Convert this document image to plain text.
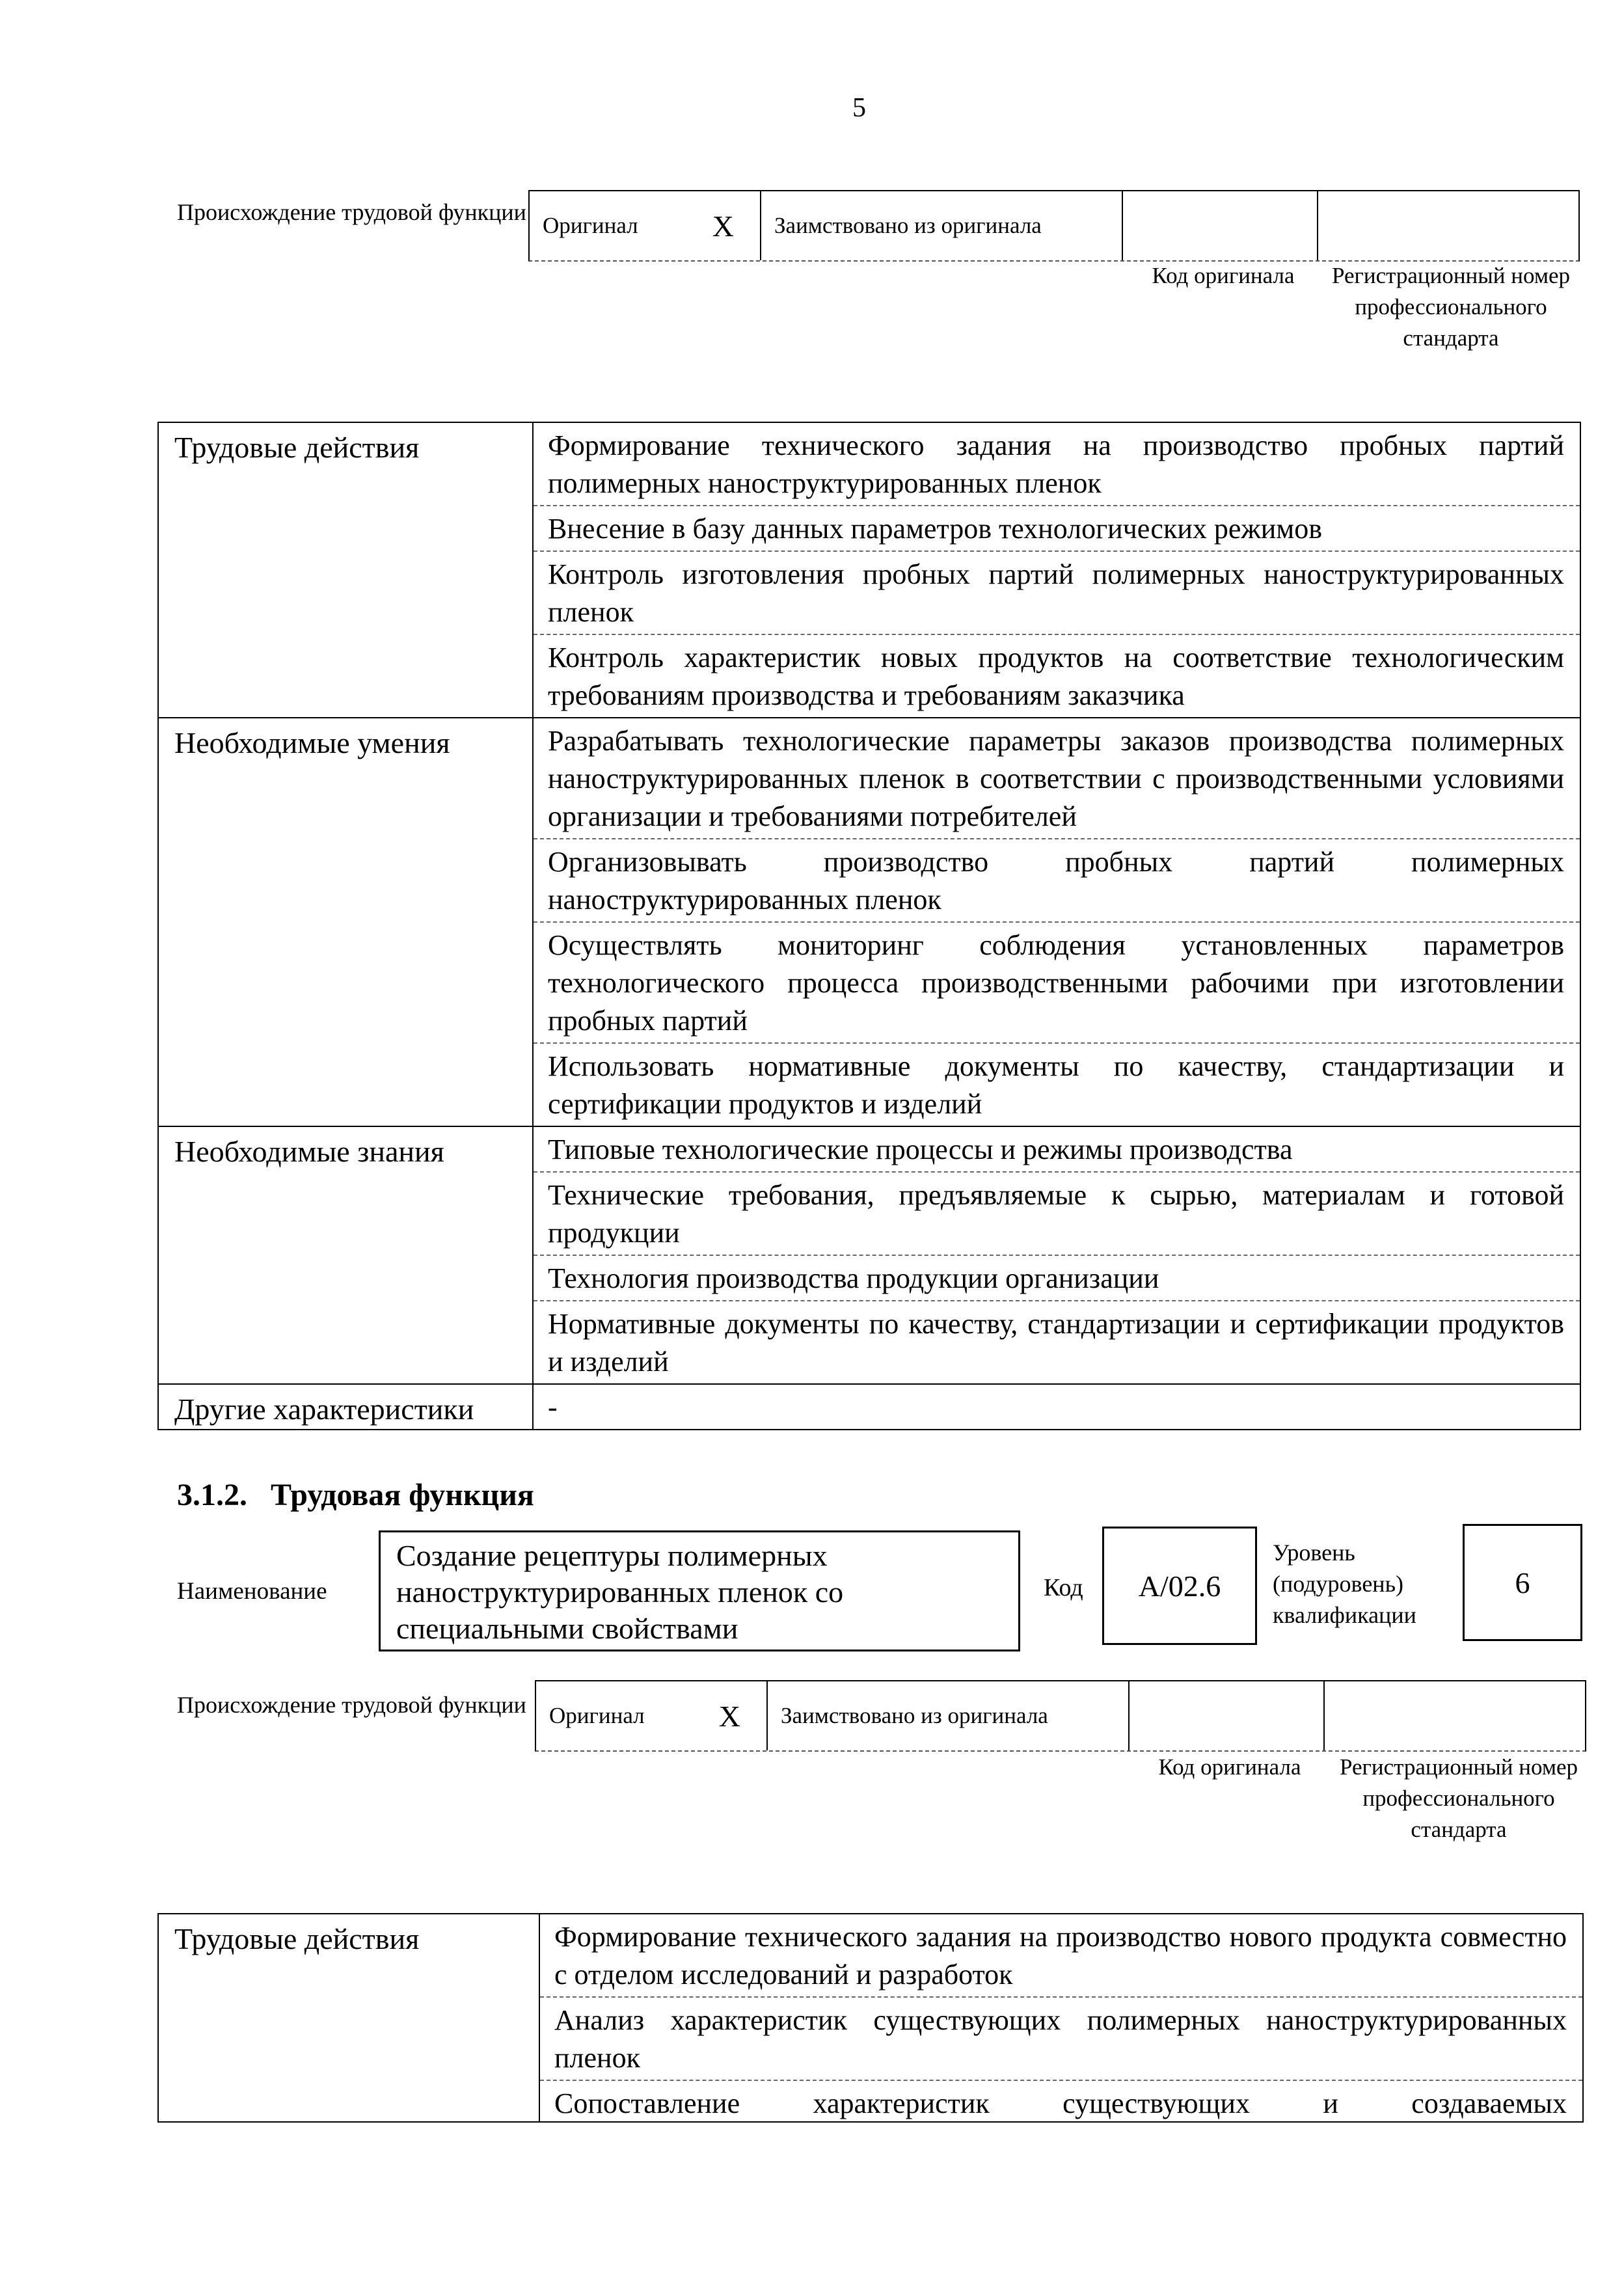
5
Происхождение трудовой функции
Оригинал X Заимствовано из оригинала
Код оригинала Регистрационный номер профессионального стандарта
Трудовые действия	Формирование технического задания на производство пробных партий полимерных наноструктурированных пленок
Внесение в базу данных параметров технологических режимов
Контроль изготовления пробных партий полимерных наноструктурированных пленок
Контроль характеристик новых продуктов на соответствие технологическим требованиям производства и требованиям заказчика

Необходимые умения	Разрабатывать технологические параметры заказов производства полимерных наноструктурированных пленок в соответствии с производственными условиями организации и требованиями потребителей
Организовывать производство пробных партий полимерных наноструктурированных пленок
Осуществлять мониторинг соблюдения установленных параметров технологического процесса производственными рабочими при изготовлении пробных партий
Использовать нормативные документы по качеству, стандартизации и сертификации продуктов и изделий

Необходимые знания	Типовые технологические процессы и режимы производства
Технические требования, предъявляемые к сырью, материалам и готовой продукции
Технология производства продукции организации
Нормативные документы по качеству, стандартизации и сертификации продуктов и изделий

Другие характеристики	-
3.1.2. Трудовая функция
Наименование
Создание рецептуры полимерных наноструктурированных пленок со специальными свойствами
Код A/02.6
Уровень (подуровень) квалификации
6
Происхождение трудовой функции	Оригинал X Заимствовано из оригинала
Код оригинала Регистрационный номер профессионального стандарта
Трудовые действия	Формирование технического задания на производство нового продукта совместно с отделом исследований и разработок
Анализ характеристик существующих полимерных наноструктурированных пленок
Сопоставление характеристик существующих и создаваемых
